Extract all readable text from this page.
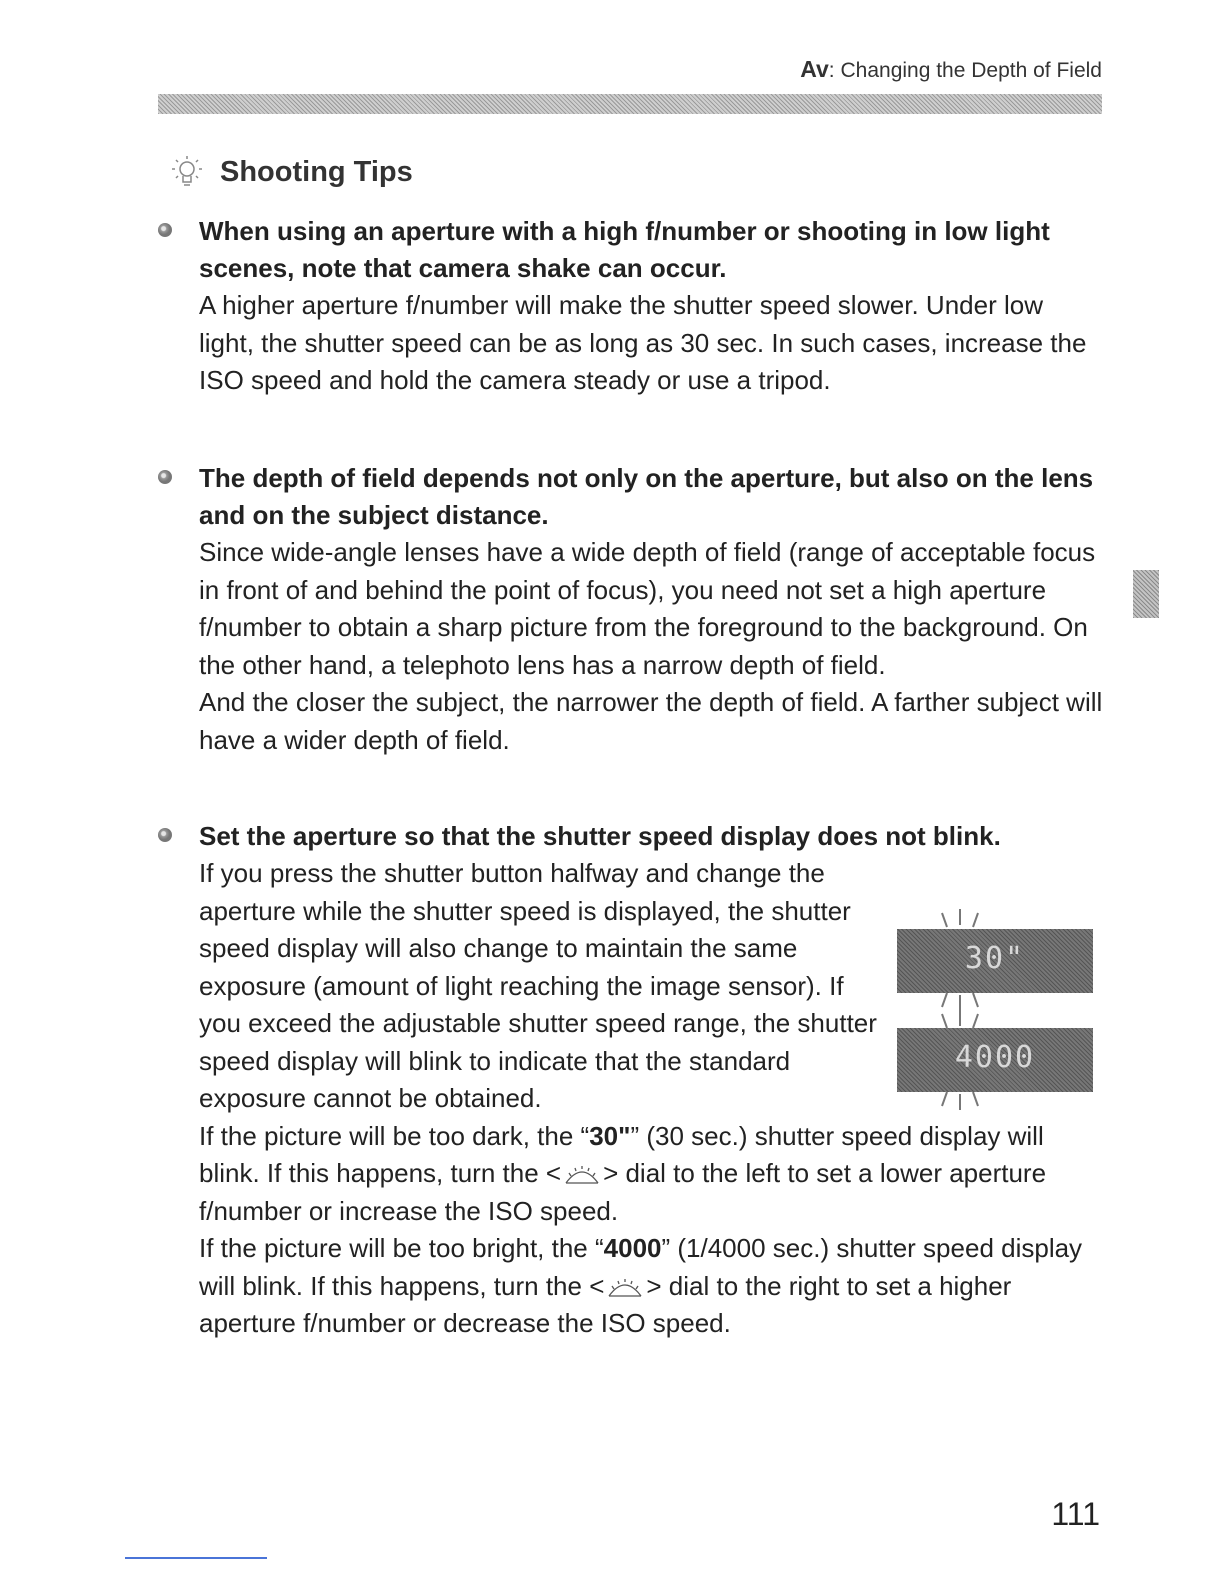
Av: Changing the Depth of Field
Shooting Tips
When using an aperture with a high f/number or shooting in low light scenes, note that camera shake can occur.

A higher aperture f/number will make the shutter speed slower. Under low light, the shutter speed can be as long as 30 sec. In such cases, increase the ISO speed and hold the camera steady or use a tripod.

The depth of field depends not only on the aperture, but also on the lens and on the subject distance.

Since wide-angle lenses have a wide depth of field (range of acceptable focus in front of and behind the point of focus), you need not set a high aperture f/number to obtain a sharp picture from the foreground to the background. On the other hand, a telephoto lens has a narrow depth of field.

And the closer the subject, the narrower the depth of field. A farther subject will have a wider depth of field.

Set the aperture so that the shutter speed display does not blink.

If you press the shutter button halfway and change the aperture while the shutter speed is displayed, the shutter speed display will also change to maintain the same exposure (amount of light reaching the image sensor). If you exceed the adjustable shutter speed range, the shutter speed display will blink to indicate that the standard exposure cannot be obtained.

If the picture will be too dark, the “30"” (30 sec.) shutter speed display will blink. If this happens, turn the < > dial to the left to set a lower aperture f/number or increase the ISO speed.

If the picture will be too bright, the “4000” (1/4000 sec.) shutter speed display will blink. If this happens, turn the < > dial to the right to set a higher aperture f/number or decrease the ISO speed.

30"
4000
111
